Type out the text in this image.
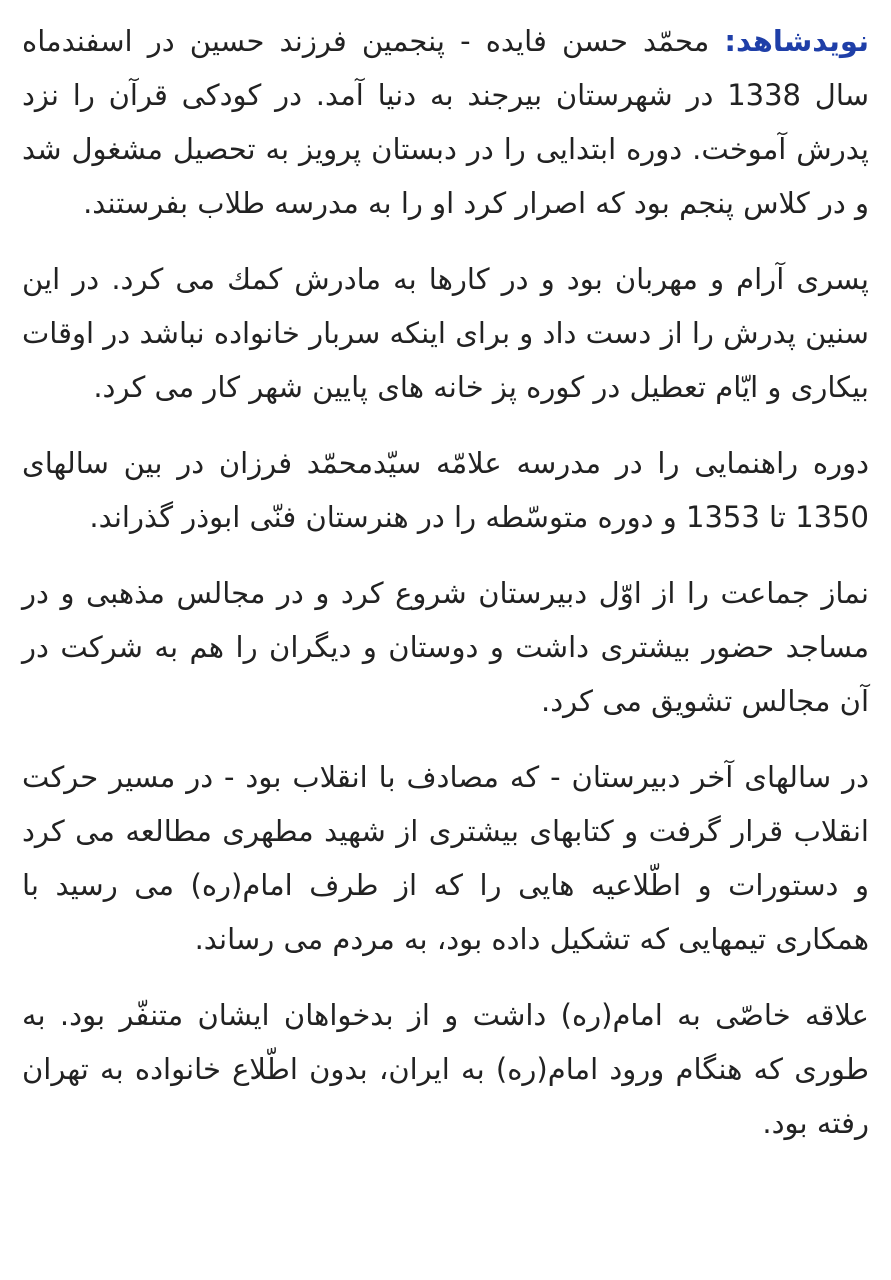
نویدشاهد: محمّد حسن فایده - پنجمین فرزند حسین در اسفندماه سال 1338 در شهرستان بیرجند به دنیا آمد. در کودکی قرآن را نزد پدرش آموخت. دوره ابتدایی را در دبستان پرویز به تحصیل مشغول شد و در کلاس پنجم بود که اصرار کرد او را به مدرسه طلاب بفرستند.

پسری آرام و مهربان بود و در کارها به مادرش کمك می كرد. در این سنین پدرش را از دست داد و برای اینکه سربار خانواده نباشد در اوقات بیکاری و ایّام تعطیل در کوره پز خانه های پایین شهر کار می کرد.

دوره راهنمایی را در مدرسه علامّه سیّدمحمّد فرزان در بین سالهای 1350 تا 1353 و دوره متوسّطه را در هنرستان فنّی ابوذر گذراند.

نماز جماعت را از اوّل دبیرستان شروع کرد و در مجالس مذهبی و در مساجد حضور بیشتری داشت و دوستان و دیگران را هم به شرکت در آن مجالس تشویق می کرد.

در سالهای آخر دبیرستان - که مصادف با انقلاب بود - در مسیر حرکت انقلاب قرار گرفت و کتابهای بیشتری از شهید مطهری مطالعه می کرد و دستورات و اطّلاعیه هایی را که از طرف امام(ره) می رسید با همکاری تیمهایی که تشکیل داده بود، به مردم می رساند.

علاقه خاصّی به امام(ره) داشت و از بدخواهان ایشان متنفّر بود. به طوری که هنگام ورود امام(ره) به ایران، بدون اطّلاع خانواده به تهران رفته بود.
